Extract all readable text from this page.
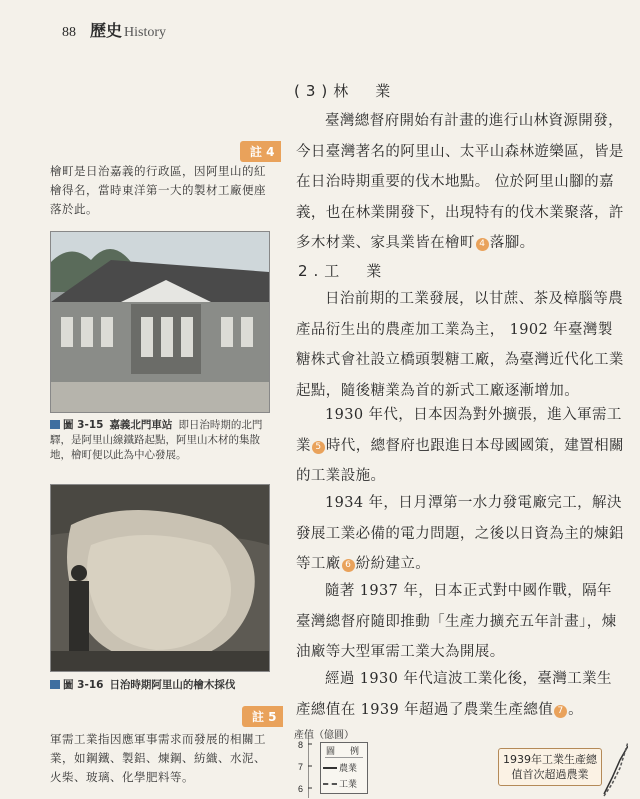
88 歷史 History
註 4
檜町是日治嘉義的行政區，因阿里山的紅檜得名，當時東洋第一大的製材工廠便座落於此。
圖 3-15 嘉義北門車站 即日治時期的北門驛，是阿里山線鐵路起點，阿里山木材的集散地，檜町便以此為中心發展。
圖 3-16 日治時期阿里山的檜木採伐
註 5
軍需工業指因應軍事需求而發展的相關工業，如鋼鐵、製鋁、煉鋼、紡織、水泥、火柴、玻璃、化學肥料等。
(3)林　業
臺灣總督府開始有計畫的進行山林資源開發，今日臺灣著名的阿里山、太平山森林遊樂區，皆是在日治時期重要的伐木地點。 位於阿里山腳的嘉義，也在林業開發下，出現特有的伐木業聚落，許多木材業、家具業皆在檜町 4 落腳。
2.工　業
日治前期的工業發展，以甘蔗、茶及樟腦等農產品衍生出的農產加工業為主， 1902 年臺灣製糖株式會社設立橋頭製糖工廠，為臺灣近代化工業起點，隨後糖業為首的新式工廠逐漸增加。
1930 年代，日本因為對外擴張，進入軍需工業 5 時代，總督府也跟進日本母國國策，建置相關的工業設施。
1934 年，日月潭第一水力發電廠完工，解決發展工業必備的電力問題，之後以日資為主的煉鋁等工廠 6 紛紛建立。
隨著 1937 年，日本正式對中國作戰，隔年臺灣總督府隨即推動「生產力擴充五年計畫」，煉油廠等大型軍需工業大為開展。
經過 1930 年代這波工業化後，臺灣工業生產總值在 1939 年超過了農業生產總值 7 。
產值（億圓）
8
7
6
圖　例
農業
工業
1939年工業生產總值首次超過農業
